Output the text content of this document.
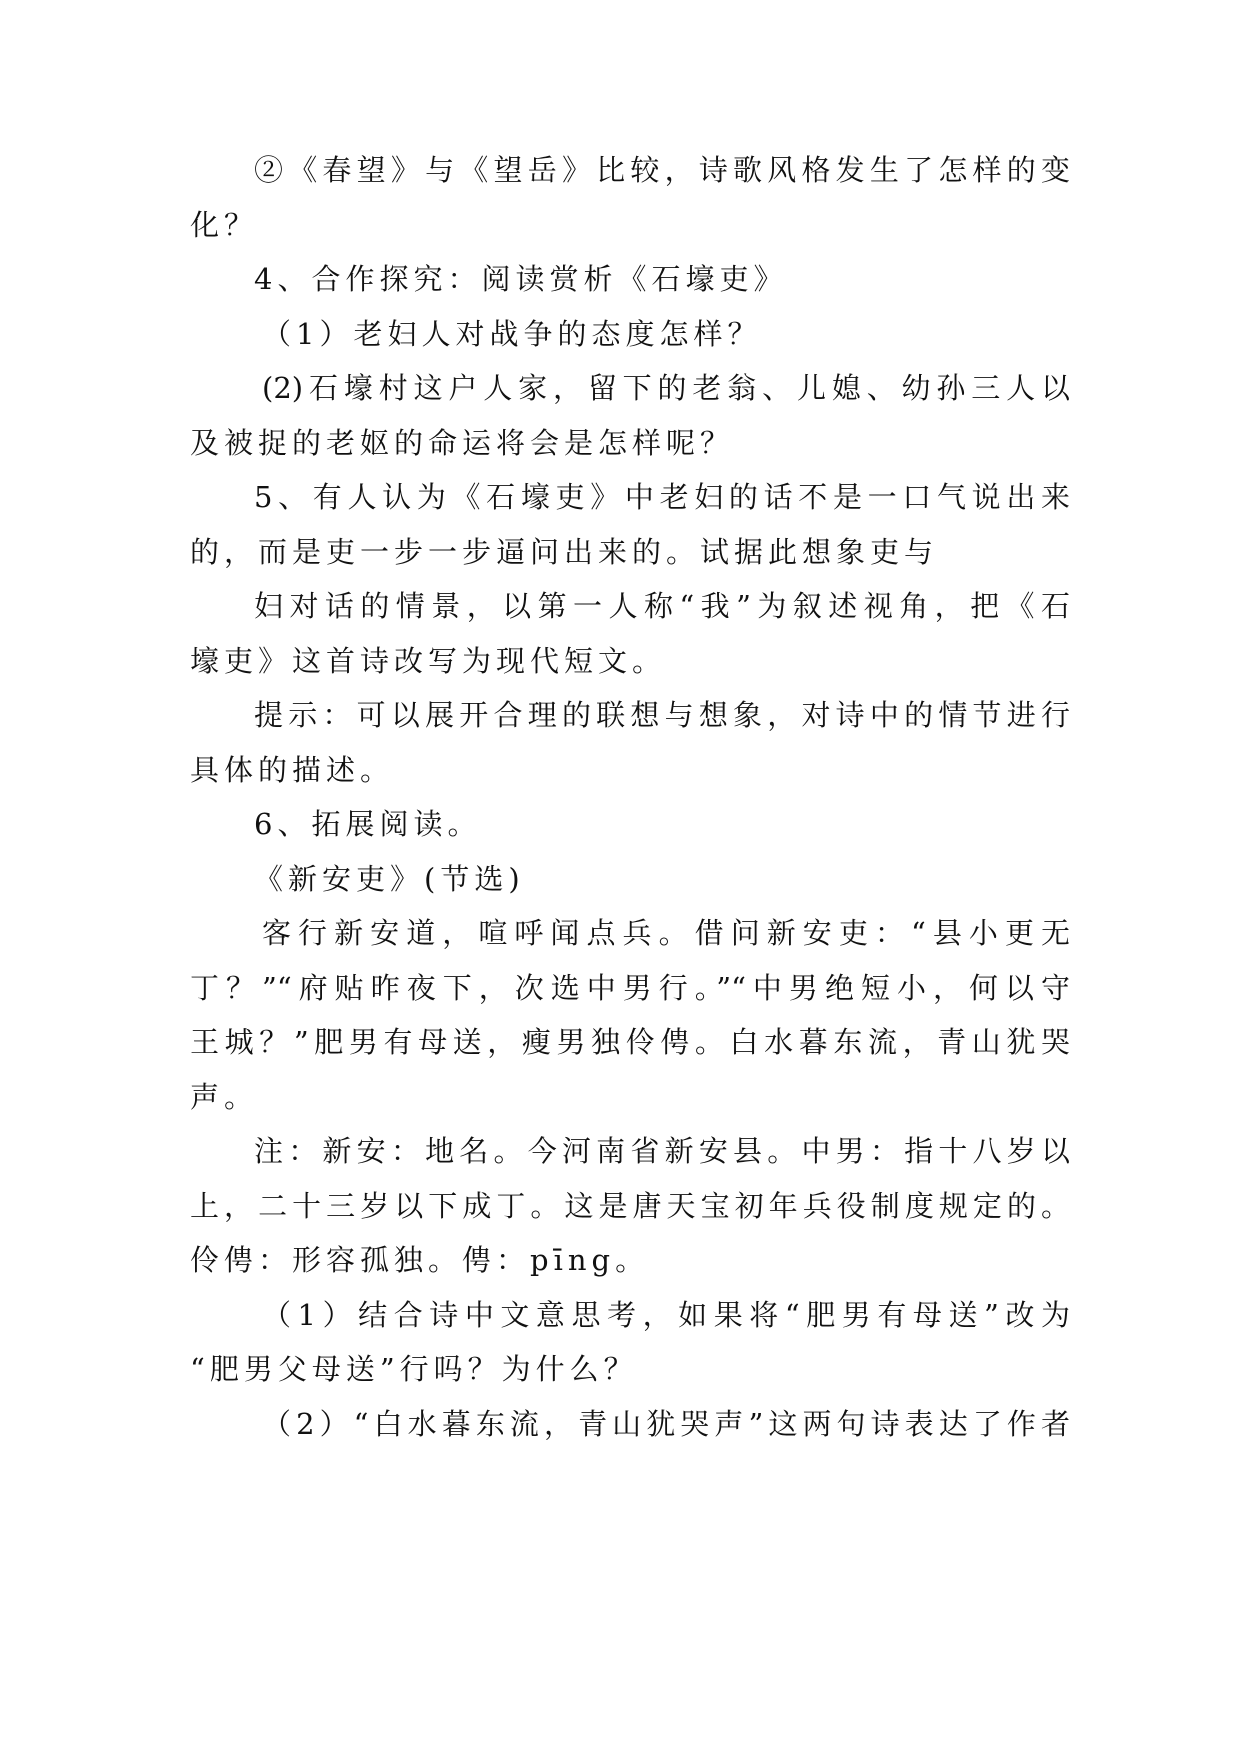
②《春望》与《望岳》比较，诗歌风格发生了怎样的变
化？
4、合作探究：阅读赏析《石壕吏》
（1）老妇人对战争的态度怎样？
(2)石壕村这户人家，留下的老翁、儿媳、幼孙三人以
及被捉的老妪的命运将会是怎样呢？
5、有人认为《石壕吏》中老妇的话不是一口气说出来
的，而是吏一步一步逼问出来的。试据此想象吏与
妇对话的情景，以第一人称“我”为叙述视角，把《石
壕吏》这首诗改写为现代短文。
提示：可以展开合理的联想与想象，对诗中的情节进行
具体的描述。
6、拓展阅读。
《新安吏》(节选)
客行新安道，喧呼闻点兵。借问新安吏：“县小更无
丁？”“府贴昨夜下，次选中男行。”“中男绝短小，何以守
王城？”肥男有母送，瘦男独伶俜。白水暮东流，青山犹哭
声。
注：新安：地名。今河南省新安县。中男：指十八岁以
上，二十三岁以下成丁。这是唐天宝初年兵役制度规定的。
伶俜：形容孤独。俜：pīng。
（1）结合诗中文意思考，如果将“肥男有母送”改为
“肥男父母送”行吗？为什么？
（2）“白水暮东流，青山犹哭声”这两句诗表达了作者
